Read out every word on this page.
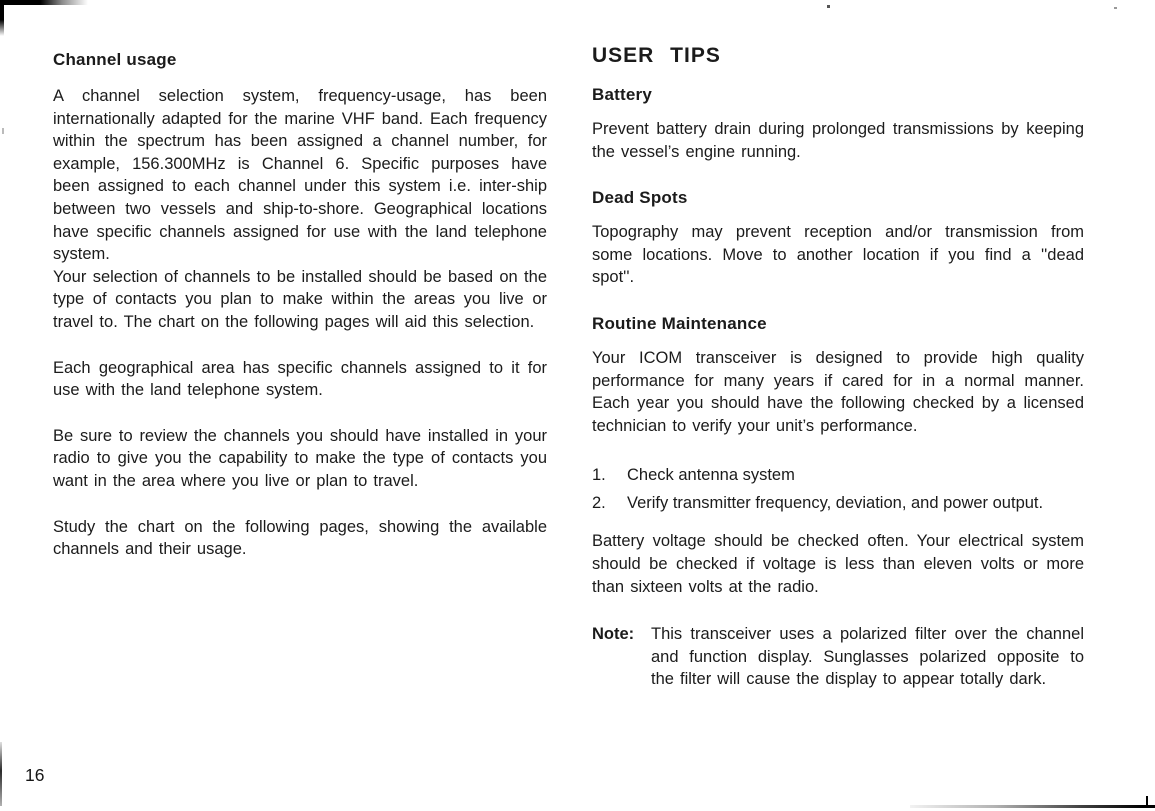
Channel usage

A channel selection system, frequency-usage, has been internationally adapted for the marine VHF band. Each frequency within the spectrum has been assigned a channel number, for example, 156.300MHz is Channel 6. Specific purposes have been assigned to each channel under this system i.e. inter-ship between two vessels and ship-to-shore. Geographical locations have specific channels assigned for use with the land telephone system.

Your selection of channels to be installed should be based on the type of contacts you plan to make within the areas you live or travel to. The chart on the following pages will aid this selection.

Each geographical area has specific channels assigned to it for use with the land telephone system.

Be sure to review the channels you should have installed in your radio to give you the capability to make the type of contacts you want in the area where you live or plan to travel.

Study the chart on the following pages, showing the available channels and their usage.

USER TIPS
Battery

Prevent battery drain during prolonged transmissions by keeping the vessel’s engine running.

Dead Spots

Topography may prevent reception and/or transmission from some locations. Move to another location if you find a ''dead spot''.

Routine Maintenance

Your ICOM transceiver is designed to provide high quality performance for many years if cared for in a normal manner. Each year you should have the following checked by a licensed technician to verify your unit’s performance.

1.	Check antenna system
2.	Verify transmitter frequency, deviation, and power output.

Battery voltage should be checked often. Your electrical system should be checked if voltage is less than eleven volts or more than sixteen volts at the radio.

Note:	This transceiver uses a polarized filter over the channel and function display. Sunglasses polarized opposite to the filter will cause the display to appear totally dark.

16
